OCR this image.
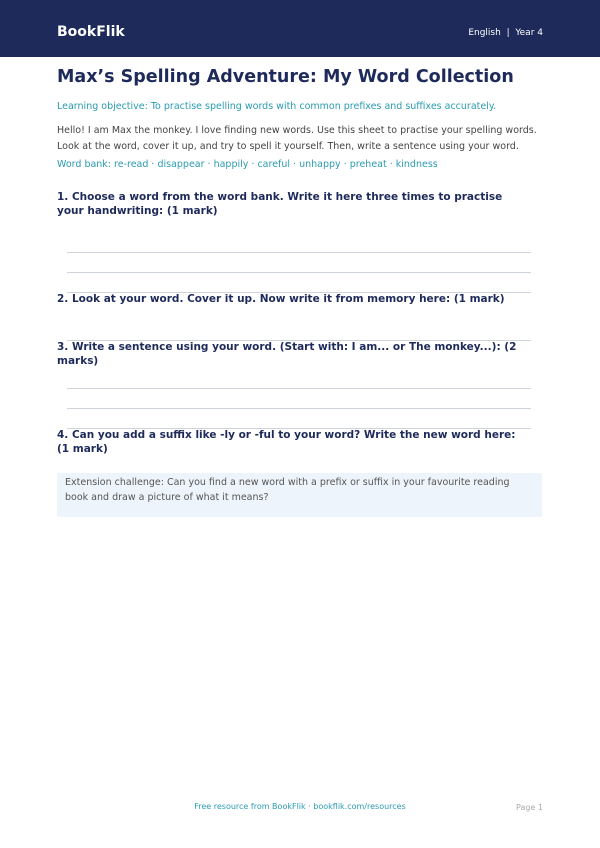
BookFlik	English | Year 4
Max’s Spelling Adventure: My Word Collection
Learning objective: To practise spelling words with common prefixes and suffixes accurately.
Hello! I am Max the monkey. I love finding new words. Use this sheet to practise your spelling words. Look at the word, cover it up, and try to spell it yourself. Then, write a sentence using your word.
Word bank: re-read · disappear · happily · careful · unhappy · preheat · kindness
1. Choose a word from the word bank. Write it here three times to practise your handwriting: (1 mark)
2. Look at your word. Cover it up. Now write it from memory here: (1 mark)
3. Write a sentence using your word. (Start with: I am... or The monkey...): (2 marks)
4. Can you add a suffix like -ly or -ful to your word? Write the new word here: (1 mark)
Extension challenge: Can you find a new word with a prefix or suffix in your favourite reading book and draw a picture of what it means?
Free resource from BookFlik · bookflik.com/resources	Page 1
